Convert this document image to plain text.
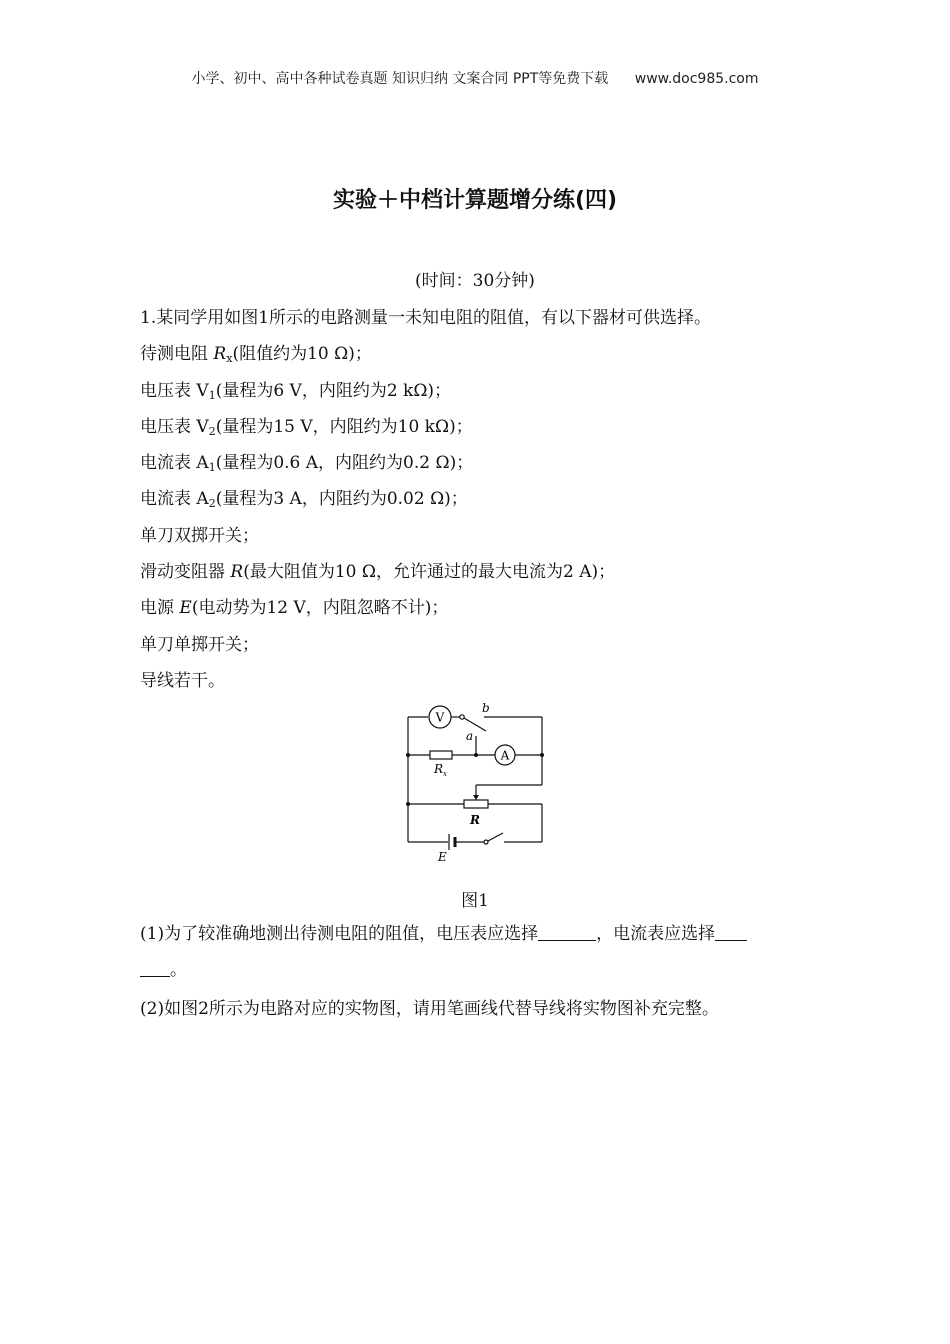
小学、初中、高中各种试卷真题 知识归纳 文案合同 PPT等免费下载 www.doc985.com
实验＋中档计算题增分练(四)
(时间：30分钟)
1.某同学用如图1所示的电路测量一未知电阻的阻值，有以下器材可供选择。
待测电阻 $R_x$(阻值约为10 Ω)；
电压表 $V_1$(量程为6 V，内阻约为2 kΩ)；
电压表 $V_2$(量程为15 V，内阻约为10 kΩ)；
电流表 $A_1$(量程为0.6 A，内阻约为0.2 Ω)；
电流表 $A_2$(量程为3 A，内阻约为0.02 Ω)；
单刀双掷开关；
滑动变阻器 R(最大阻值为10 Ω，允许通过的最大电流为2 A)；
电源 E(电动势为12 V，内阻忽略不计)；
单刀单掷开关；
导线若干。
V
A
b
a
R x
R
E
图1
(1)为了较准确地测出待测电阻的阻值，电压表应选择	，电流表应选择
。
(2)如图2所示为电路对应的实物图，请用笔画线代替导线将实物图补充完整。
